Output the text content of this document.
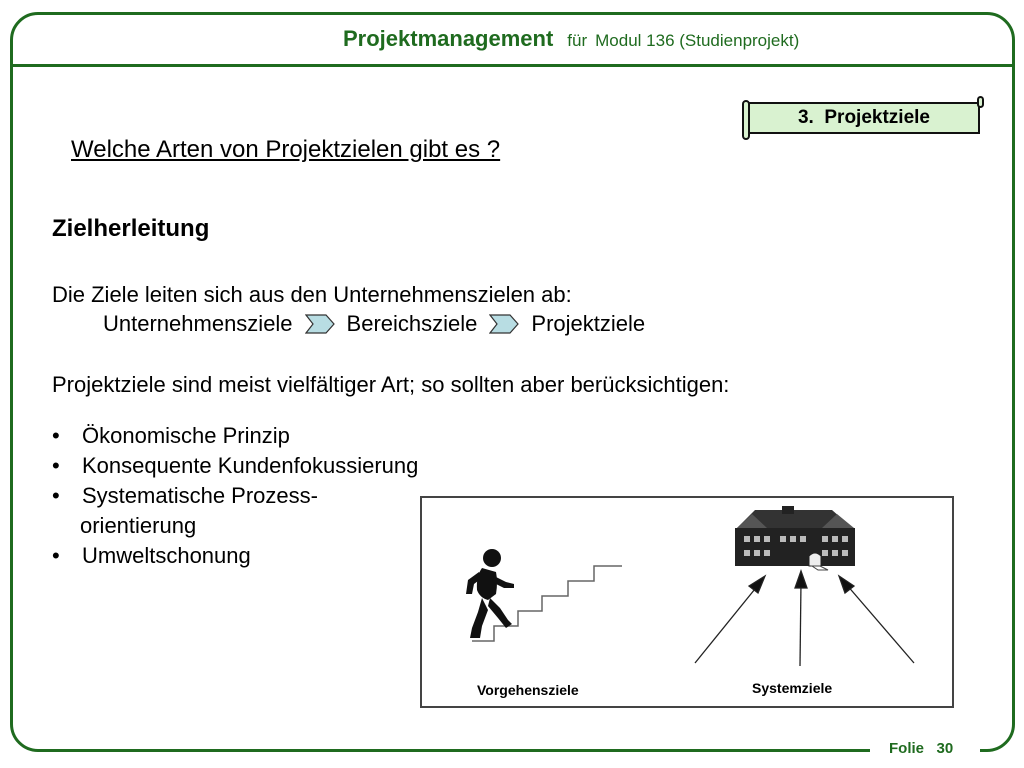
Projektmanagement für Modul 136 (Studienprojekt)
3.  Projektziele
Welche Arten von Projektzielen gibt es ?
Zielherleitung
Die Ziele leiten sich aus den Unternehmenszielen ab:
Unternehmensziele Bereichsziele Projektziele
Projektziele sind meist vielfältiger Art; so sollten aber berücksichtigen:
• Ökonomische Prinzip
• Konsequente Kundenfokussierung
• Systematische Prozess-
orientierung
• Umweltschonung
Vorgehensziele	Systemziele
Folie   30
